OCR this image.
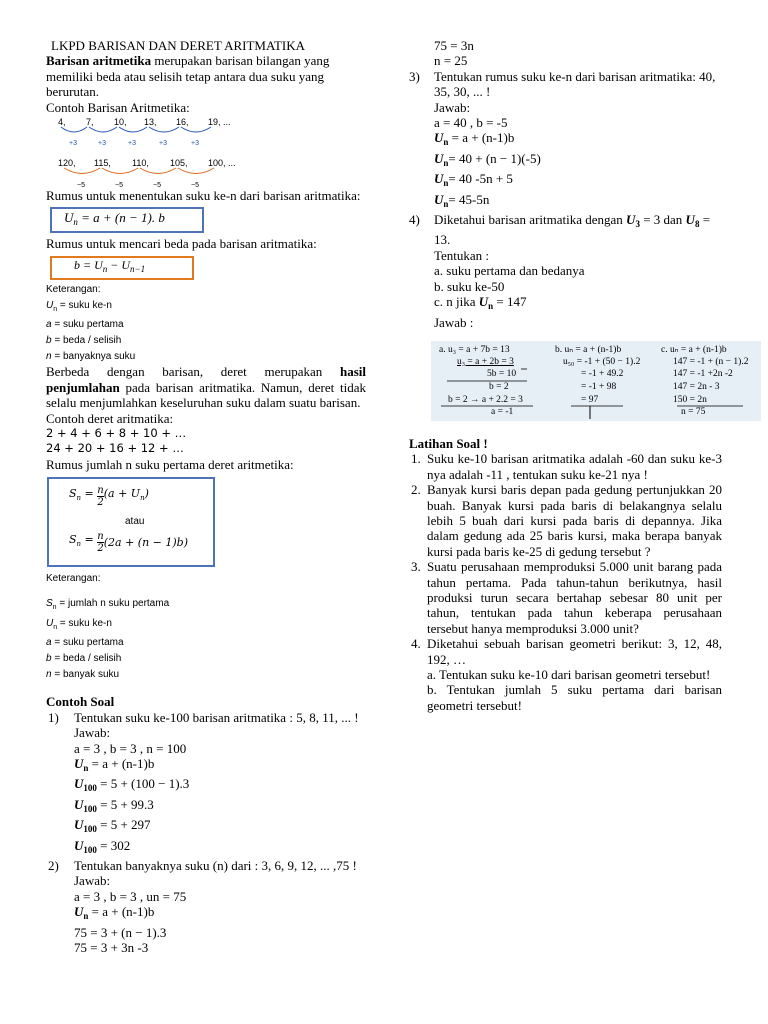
LKPD BARISAN DAN DERET ARITMATIKA

Barisan aritmetika merupakan barisan bilangan yang memiliki beda atau selisih tetap antara dua suku yang berurutan.

Contoh Barisan Aritmetika:

4, 7, 10, 13, 16, 19, ...
+3	+3	+3	+3	+3
120, 115, 110, 105, 100, ...
−5	−5	−5	−5

Rumus untuk menentukan suku ke-n dari barisan aritmatika:

$U_n = a + (n - 1)$. b

Rumus untuk mencari beda pada barisan aritmatika:

$b = U_n - U_{n-1}$

Keterangan:

$U_n$ = suku ke-n

a = suku pertama

b = beda / selisih

n = banyaknya suku

Berbeda dengan barisan, deret merupakan hasil penjumlahan pada barisan aritmatika. Namun, deret tidak selalu menjumlahkan keseluruhan suku dalam suatu barisan.

Contoh deret aritmatika:

2 + 4 + 6 + 8 + 10 + …

24 + 20 + 16 + 12 + …

Rumus jumlah n suku pertama deret aritmetika:

$S_n = \frac{n}{2} (a + U_n)$
atau
$S_n = \frac{n}{2} (2a + (n - 1)b)$

Keterangan:

$S_n$ = jumlah n suku pertama

$U_n$ = suku ke-n

a = suku pertama

b = beda / selisih

n = banyak suku

Contoh Soal

1)	Tentukan suku ke-100 barisan aritmatika : 5, 8, 11, ... !

Jawab:

a = 3 , b = 3 , n = 100

$U_n = a + (n-1)b$

$U_{100} = 5 + (100 - 1).3$

$U_{100} = 5 + 99.3$

$U_{100} = 5 + 297$

$U_{100} = 302$

2)	Tentukan banyaknya suku (n) dari : 3, 6, 9, 12, ... ,75 !

Jawab:

a = 3 , b = 3 , un = 75

$U_n = a + (n-1)b$

75 = 3 + (n − 1).3

75 = 3 + 3n -3

75 = 3n

n = 25

3)	Tentukan rumus suku ke-n dari barisan aritmatika: 40, 35, 30, ... !

Jawab:

a = 40 , b = -5

$U_n = a + (n-1)b$

$U_n= 40 + (n - 1)(-5)$

$U_n= 40$ -5n + 5

$U_n= 45-5n$

4)	Diketahui barisan aritmatika dengan $U_3 = 3$ dan $U_8 = 13$.

Tentukan :

a. suku pertama dan bedanya

b. suku ke-50

c. n jika $U_n = 147$

Jawab :

a. u₃ = a + 7b = 13
u₃ = a + 2b = 3
5b = 10
b = 2
b = 2 → a + 2.2 = 3
a = -1
b. uₙ = a + (n-1)b
u₅₀ = -1 + (50 − 1).2
= -1 + 49.2
= -1 + 98
= 97
c. uₙ = a + (n-1)b
147 = -1 + (n − 1).2
147 = -1 +2n -2
147 = 2n - 3
150 = 2n
n = 75

Latihan Soal !

1. Suku ke-10 barisan aritmatika adalah -60 dan suku ke-3 nya adalah -11 , tentukan suku ke-21 nya !

2. Banyak kursi baris depan pada gedung pertunjukkan 20 buah. Banyak kursi pada baris di belakangnya selalu lebih 5 buah dari kursi pada baris di depannya. Jika dalam gedung ada 25 baris kursi, maka berapa banyak kursi pada baris ke-25 di gedung tersebut ?

3. Suatu perusahaan memproduksi 5.000 unit barang pada tahun pertama. Pada tahun-tahun berikutnya, hasil produksi turun secara bertahap sebesar 80 unit per tahun, tentukan pada tahun keberapa perusahaan tersebut hanya memproduksi 3.000 unit?

4. Diketahui sebuah barisan geometri berikut: 3, 12, 48, 192, …

a. Tentukan suku ke-10 dari barisan geometri tersebut!

b. Tentukan jumlah 5 suku pertama dari barisan geometri tersebut!
